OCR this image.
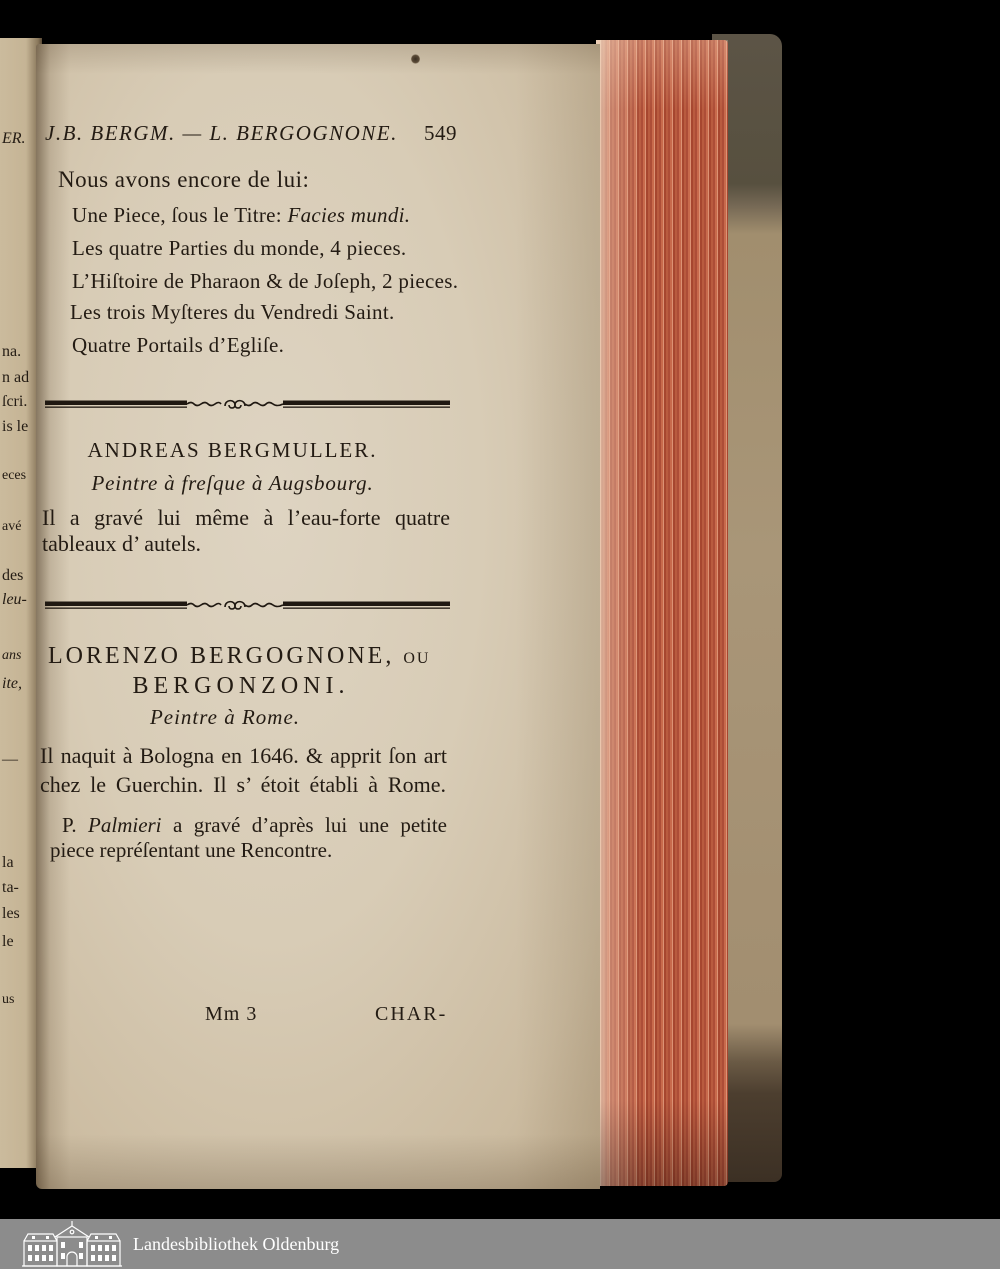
ER.
na.
n ad
ſcri.
is le
eces
avé
des
leu-
ans
ite,
—
la
ta-
les
le
us
J.B. BERGM. — L. BERGOGNONE. 549
Nous avons encore de lui:
Une Piece, ſous le Titre: Facies mundi.
Les quatre Parties du monde, 4 pieces.
L’Hiſtoire de Pharaon & de Joſeph, 2 pieces.
Les trois Myſteres du Vendredi Saint.
Quatre Portails d’Egliſe.
ANDREAS BERGMULLER.
Peintre à freſque à Augsbourg.
Il a gravé lui même à l’eau-forte quatre
tableaux d’ autels.
LORENZO BERGOGNONE, OU
BERGONZONI.
Peintre à Rome.
Il naquit à Bologna en 1646. & apprit ſon art
chez le Guerchin. Il s’ étoit établi à Rome.
P. Palmieri a gravé d’après lui une petite
piece repréſentant une Rencontre.
Mm 3	CHAR-
Landesbibliothek Oldenburg
